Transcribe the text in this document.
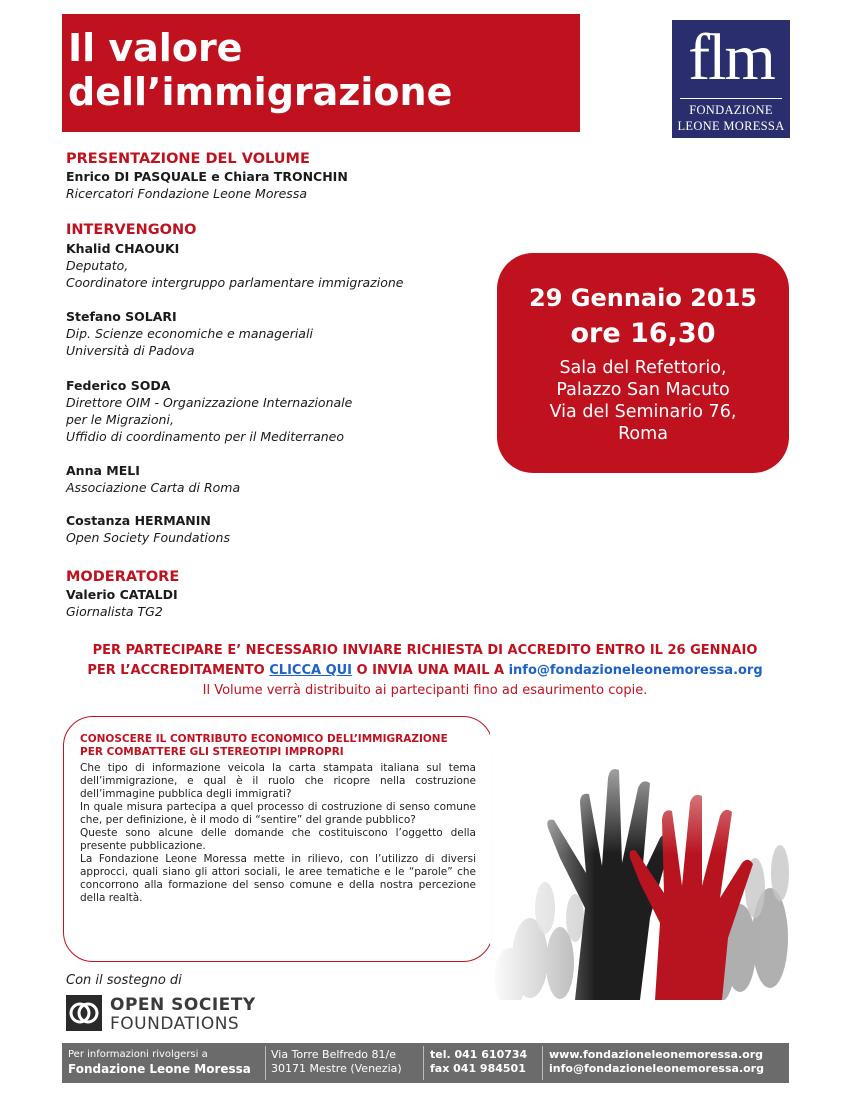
Il valore
dell’immigrazione	flm
FONDAZIONE
LEONE MORESSA
PRESENTAZIONE DEL VOLUME
Enrico DI PASQUALE e Chiara TRONCHIN
Ricercatori Fondazione Leone Moressa
INTERVENGONO
Khalid CHAOUKI
Deputato,
Coordinatore intergruppo parlamentare immigrazione
Stefano SOLARI
Dip. Scienze economiche e manageriali
Università di Padova
Federico SODA
Direttore OIM - Organizzazione Internazionale
per le Migrazioni,
Uffidio di coordinamento per il Mediterraneo
Anna MELI
Associazione Carta di Roma
Costanza HERMANIN
Open Society Foundations
MODERATORE
Valerio CATALDI
Giornalista TG2
29 Gennaio 2015
ore 16,30
Sala del Refettorio,
Palazzo San Macuto
Via del Seminario 76,
Roma
PER PARTECIPARE E’ NECESSARIO INVIARE RICHIESTA DI ACCREDITO ENTRO IL 26 GENNAIO
PER L’ACCREDITAMENTO CLICCA QUI O INVIA UNA MAIL A info@fondazioneleonemoressa.org
Il Volume verrà distribuito ai partecipanti fino ad esaurimento copie.
CONOSCERE IL CONTRIBUTO ECONOMICO DELL’IMMIGRAZIONE
PER COMBATTERE GLI STEREOTIPI IMPROPRI

Che tipo di informazione veicola la carta stampata italiana sul tema dell’immigrazione, e qual è il ruolo che ricopre nella costruzione dell’immagine pubblica degli immigrati?

In quale misura partecipa a quel processo di costruzione di senso comune che, per definizione, è il modo di “sentire” del grande pubblico?

Queste sono alcune delle domande che costituiscono l’oggetto della presente pubblicazione.

La Fondazione Leone Moressa mette in rilievo, con l’utilizzo di diversi approcci, quali siano gli attori sociali, le aree tematiche e le “parole” che concorrono alla formazione del senso comune e della nostra percezione della realtà.

Con il sostegno di
OPEN SOCIETY
FOUNDATIONS
Per informazioni rivolgersi a
Fondazione Leone Moressa
Via Torre Belfredo 81/e
30171 Mestre (Venezia)
tel. 041 610734
fax 041 984501
www.fondazioneleonemoressa.org
info@fondazioneleonemoressa.org
